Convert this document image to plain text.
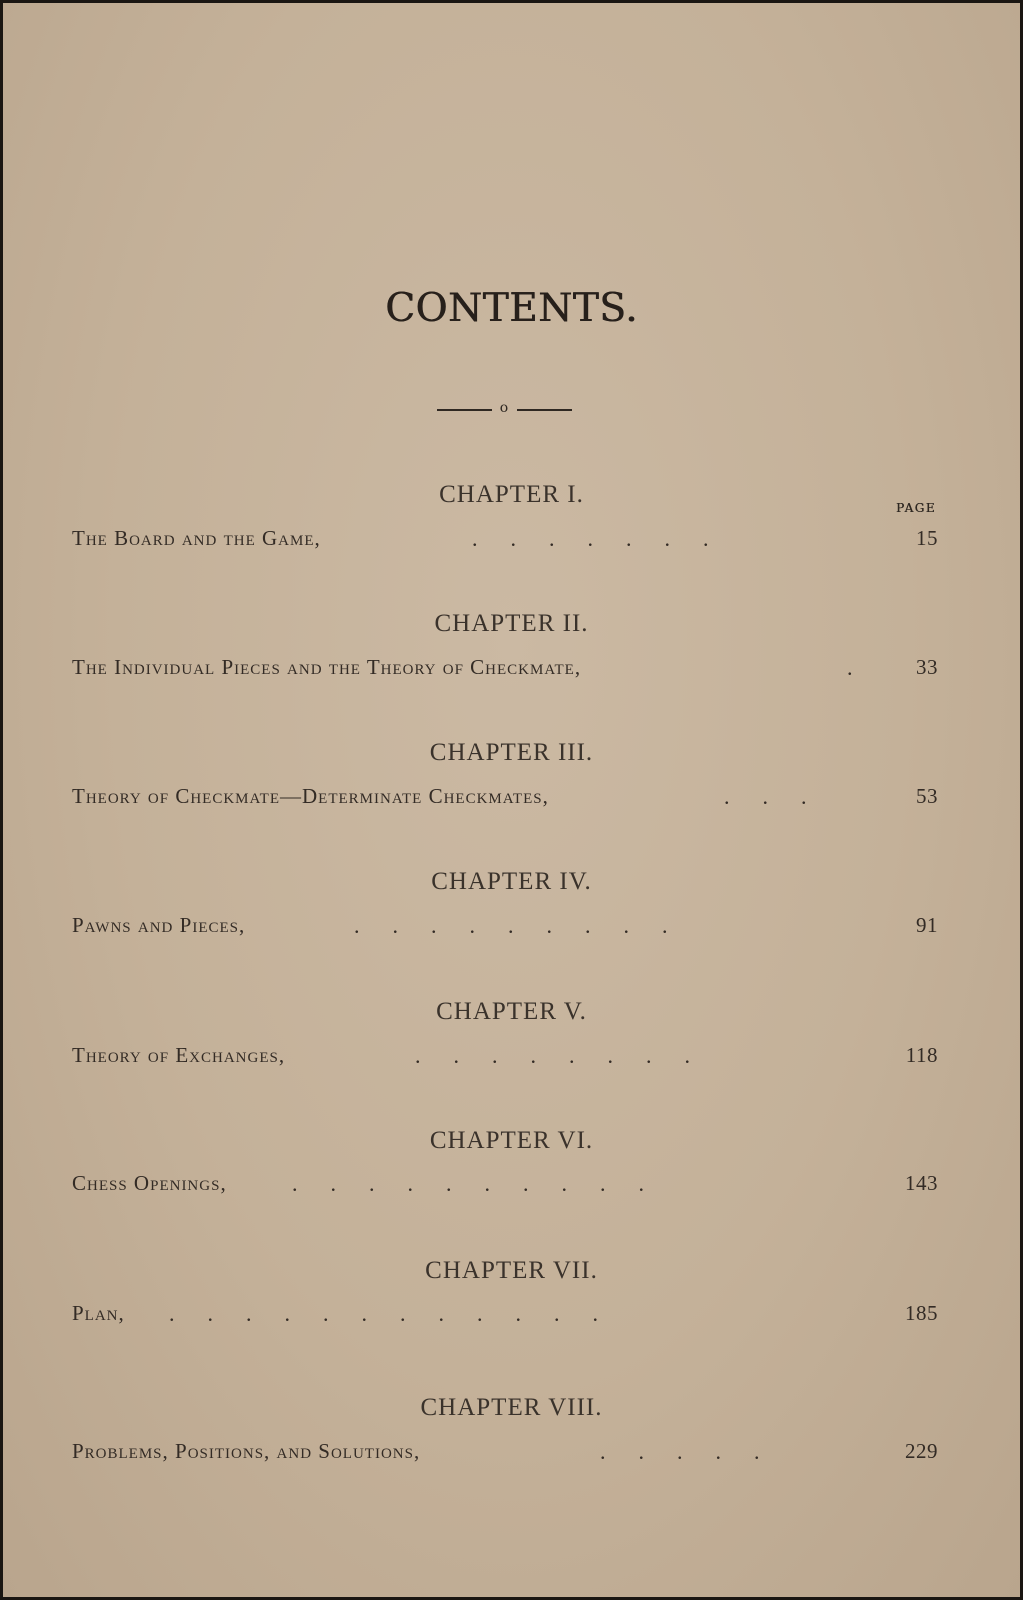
CONTENTS.
o
PAGE
CHAPTER I.
The Board and the Game,	.      .      .      .      .      .      .	15
CHAPTER II.
The Individual Pieces and the Theory of Checkmate,	.	33
CHAPTER III.
Theory of Checkmate—Determinate Checkmates,	.      .      .	53
CHAPTER IV.
Pawns and Pieces,	.      .      .      .      .      .      .      .      .	91
CHAPTER V.
Theory of Exchanges,	.      .      .      .      .      .      .      .	118
CHAPTER VI.
Chess Openings,	.      .      .      .      .      .      .      .      .      .	143
CHAPTER VII.
Plan, .      .      .      .      .      .      .      .      .      .      .      .	185
CHAPTER VIII.
Problems, Positions, and Solutions,	.      .      .      .      .	229
